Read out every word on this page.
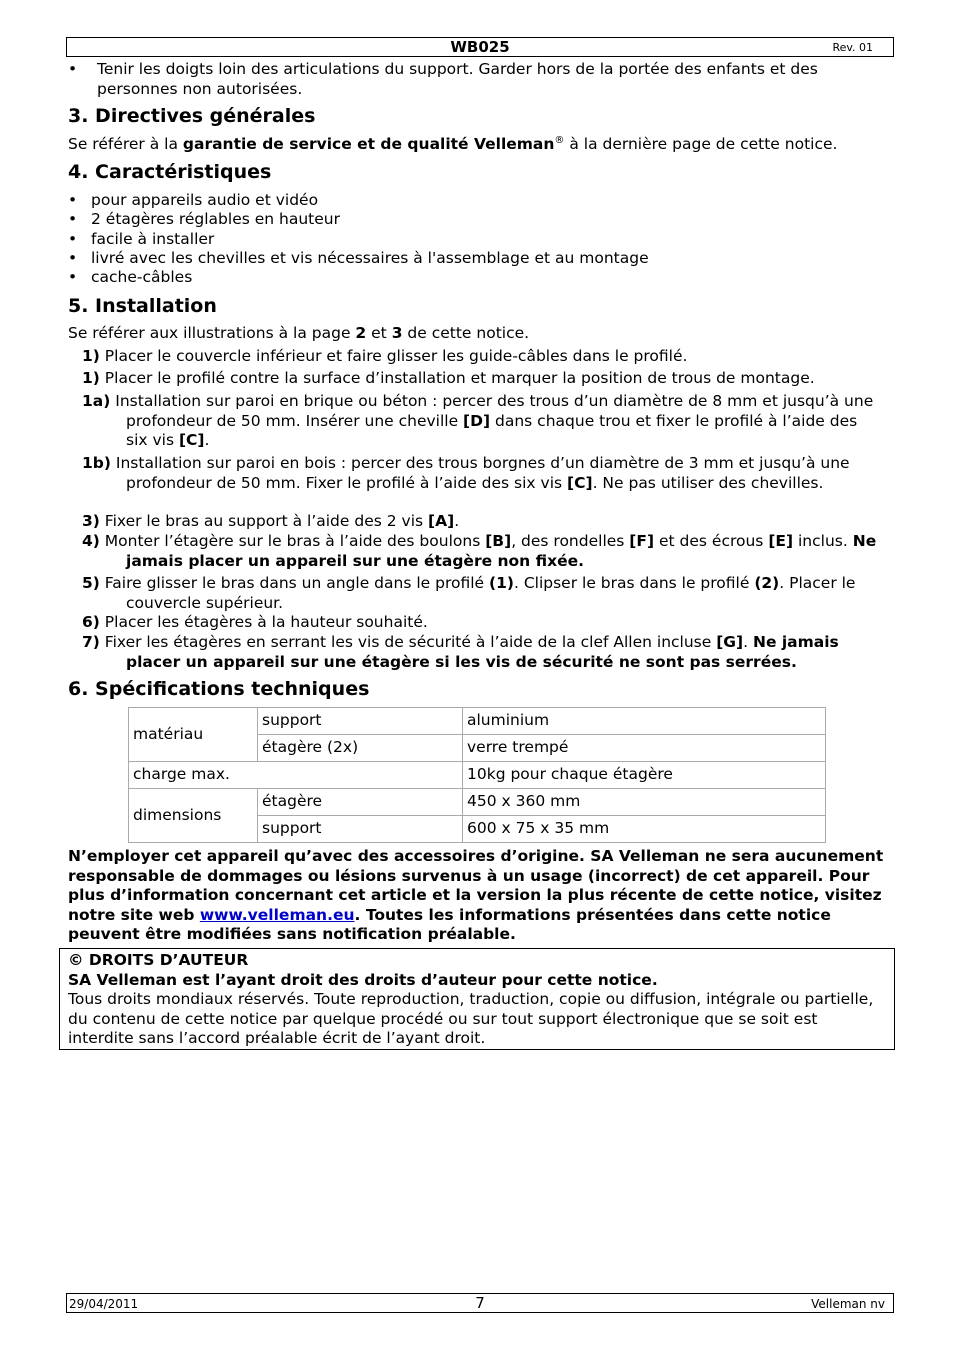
WB025	Rev. 01
• Tenir les doigts loin des articulations du support. Garder hors de la portée des enfants et des personnes non autorisées.
3. Directives générales
Se référer à la garantie de service et de qualité Velleman® à la dernière page de cette notice.
4. Caractéristiques
• pour appareils audio et vidéo
• 2 étagères réglables en hauteur
• facile à installer
• livré avec les chevilles et vis nécessaires à l'assemblage et au montage
• cache-câbles
5. Installation
Se référer aux illustrations à la page 2 et 3 de cette notice.
1) Placer le couvercle inférieur et faire glisser les guide-câbles dans le profilé.
1) Placer le profilé contre la surface d’installation et marquer la position de trous de montage.
1a) Installation sur paroi en brique ou béton : percer des trous d’un diamètre de 8 mm et jusqu’à une profondeur de 50 mm. Insérer une cheville [D] dans chaque trou et fixer le profilé à l’aide des six vis [C].
1b) Installation sur paroi en bois : percer des trous borgnes d’un diamètre de 3 mm et jusqu’à une profondeur de 50 mm. Fixer le profilé à l’aide des six vis [C]. Ne pas utiliser des chevilles.
3) Fixer le bras au support à l’aide des 2 vis [A].
4) Monter l’étagère sur le bras à l’aide des boulons [B], des rondelles [F] et des écrous [E] inclus. Ne jamais placer un appareil sur une étagère non fixée.
5) Faire glisser le bras dans un angle dans le profilé (1). Clipser le bras dans le profilé (2). Placer le couvercle supérieur.
6) Placer les étagères à la hauteur souhaité.
7) Fixer les étagères en serrant les vis de sécurité à l’aide de la clef Allen incluse [G]. Ne jamais placer un appareil sur une étagère si les vis de sécurité ne sont pas serrées.
6. Spécifications techniques
matériau	support	aluminium
	étagère (2x)	verre trempé
charge max.		10kg pour chaque étagère
dimensions	étagère	450 x 360 mm
	support	600 x 75 x 35 mm
N’employer cet appareil qu’avec des accessoires d’origine. SA Velleman ne sera aucunement responsable de dommages ou lésions survenus à un usage (incorrect) de cet appareil. Pour plus d’information concernant cet article et la version la plus récente de cette notice, visitez notre site web www.velleman.eu. Toutes les informations présentées dans cette notice peuvent être modifiées sans notification préalable.
© DROITS D’AUTEUR
SA Velleman est l’ayant droit des droits d’auteur pour cette notice.
Tous droits mondiaux réservés. Toute reproduction, traduction, copie ou diffusion, intégrale ou partielle, du contenu de cette notice par quelque procédé ou sur tout support électronique que se soit est interdite sans l’accord préalable écrit de l’ayant droit.
29/04/2011	7	Velleman nv
